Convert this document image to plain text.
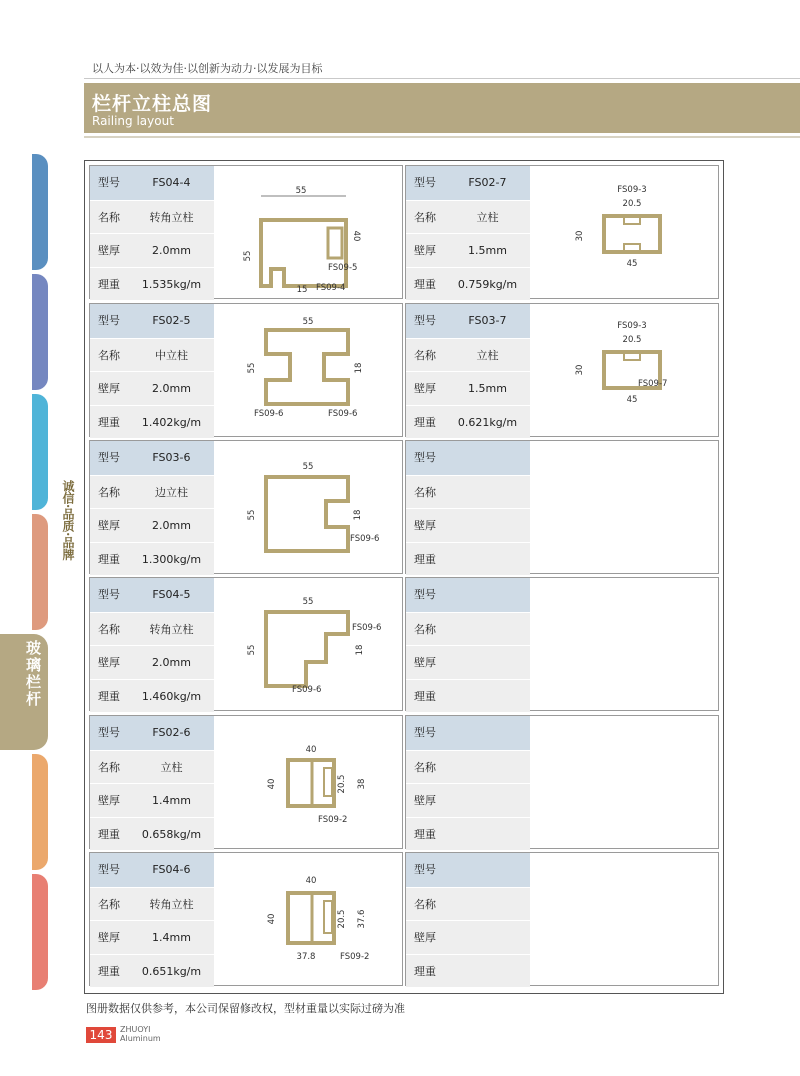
以人为本·以效为佳·以创新为动力·以发展为目标
栏杆立柱总图
Railing layout
玻璃栏杆
诚信·品质·品牌
型号	FS04-4
名称	转角立柱
壁厚	2.0mm
理重	1.535kg/m
55
55
40
15
FS09-5
FS09-4
型号	FS02-7
名称	立柱
壁厚	1.5mm
理重	0.759kg/m
FS09-3
20.5
30
45
型号	FS02-5
名称	中立柱
壁厚	2.0mm
理重	1.402kg/m
55
55	18
FS09-6	FS09-6
型号	FS03-7
名称	立柱
壁厚	1.5mm
理重	0.621kg/m
FS09-3
20.5
30
FS09-7
45
型号	FS03-6
名称	边立柱
壁厚	2.0mm
理重	1.300kg/m
55
55	18
FS09-6
型号
名称
壁厚
理重
型号	FS04-5
名称	转角立柱
壁厚	2.0mm
理重	1.460kg/m
55
55	18
FS09-6
FS09-6
型号
名称
壁厚
理重
型号	FS02-6
名称	立柱
壁厚	1.4mm
理重	0.658kg/m
40
40	20.5 38
FS09-2
型号
名称
壁厚
理重
型号	FS04-6
名称	转角立柱
壁厚	1.4mm
理重	0.651kg/m
40
40	20.5 37.6
37.8	FS09-2
型号
名称
壁厚
理重
图册数据仅供参考，本公司保留修改权，型材重量以实际过磅为准
143 ZHUOYI
Aluminum
